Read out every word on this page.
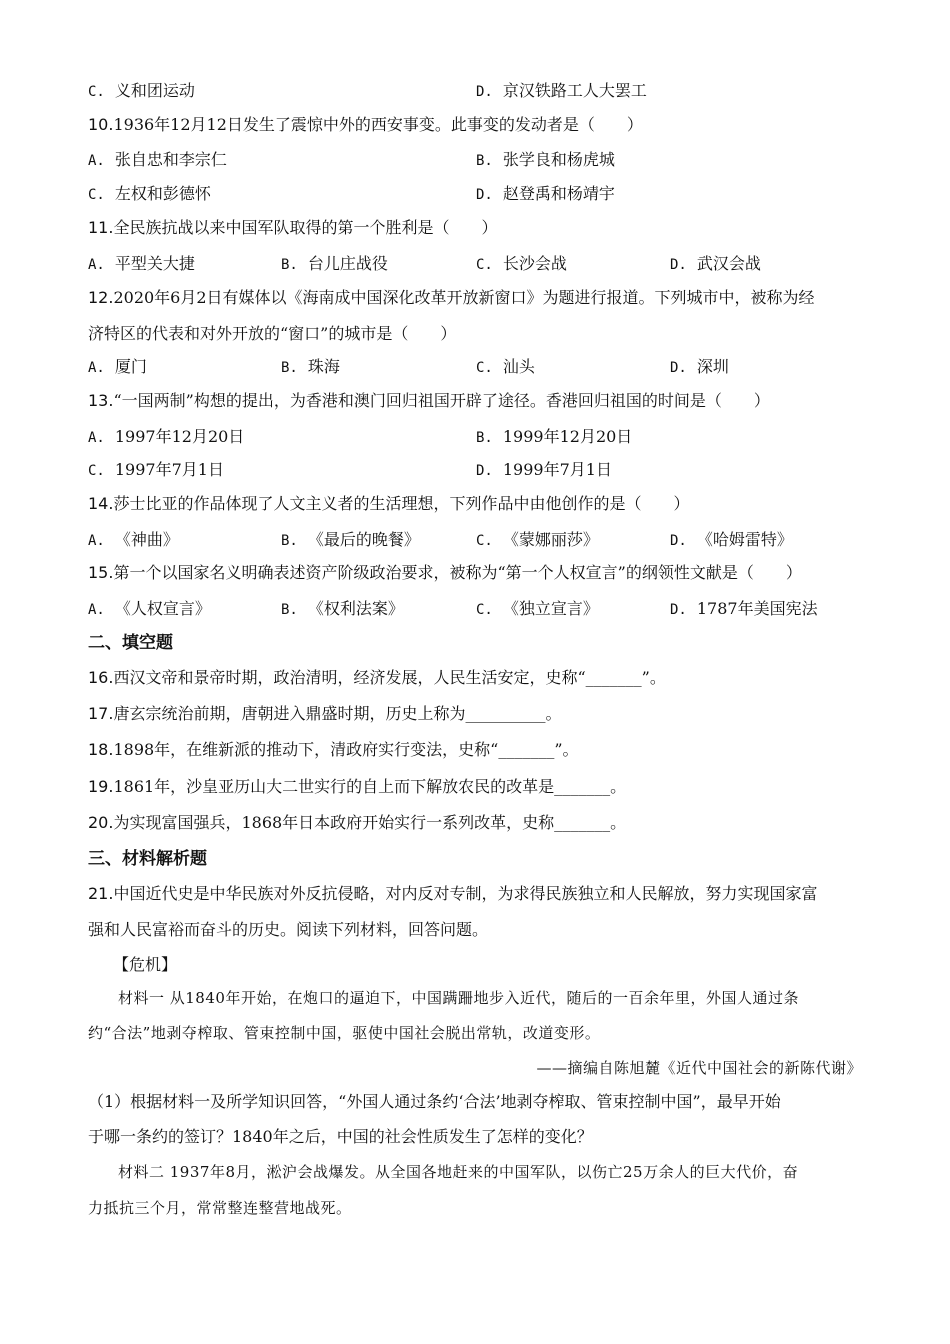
C. 义和团运动	D. 京汉铁路工人大罢工
10.1936年12月12日发生了震惊中外的西安事变。此事变的发动者是（　　）
A. 张自忠和李宗仁	B. 张学良和杨虎城
C. 左权和彭德怀	D. 赵登禹和杨靖宇
11.全民族抗战以来中国军队取得的第一个胜利是（　　）
A. 平型关大捷	B. 台儿庄战役	C. 长沙会战	D. 武汉会战
12.2020年6月2日有媒体以《海南成中国深化改革开放新窗口》为题进行报道。下列城市中，被称为经
济特区的代表和对外开放的“窗口”的城市是（　　）
A. 厦门	B. 珠海	C. 汕头	D. 深圳
13.“一国两制”构想的提出，为香港和澳门回归祖国开辟了途径。香港回归祖国的时间是（　　）
A. 1997年12月20日	B. 1999年12月20日
C. 1997年7月1日	D. 1999年7月1日
14.莎士比亚的作品体现了人文主义者的生活理想，下列作品中由他创作的是（　　）
A. 《神曲》	B. 《最后的晚餐》	C. 《蒙娜丽莎》	D. 《哈姆雷特》
15.第一个以国家名义明确表述资产阶级政治要求，被称为“第一个人权宣言”的纲领性文献是（　　）
A. 《人权宣言》	B. 《权利法案》	C. 《独立宣言》	D. 1787年美国宪法
二、填空题
16.西汉文帝和景帝时期，政治清明，经济发展，人民生活安定，史称“_______”。
17.唐玄宗统治前期，唐朝进入鼎盛时期，历史上称为__________。
18.1898年，在维新派的推动下，清政府实行变法，史称“_______”。
19.1861年，沙皇亚历山大二世实行的自上而下解放农民的改革是_______。
20.为实现富国强兵，1868年日本政府开始实行一系列改革，史称_______。
三、材料解析题
21.中国近代史是中华民族对外反抗侵略，对内反对专制，为求得民族独立和人民解放，努力实现国家富
强和人民富裕而奋斗的历史。阅读下列材料，回答问题。
【危机】
材料一 从1840年开始，在炮口的逼迫下，中国蹒跚地步入近代，随后的一百余年里，外国人通过条
约“合法”地剥夺榨取、管束控制中国，驱使中国社会脱出常轨，改道变形。
——摘编自陈旭麓《近代中国社会的新陈代谢》
（1）根据材料一及所学知识回答，“外国人通过条约‘合法’地剥夺榨取、管束控制中国”，最早开始
于哪一条约的签订？1840年之后，中国的社会性质发生了怎样的变化？
材料二 1937年8月，淞沪会战爆发。从全国各地赶来的中国军队，以伤亡25万余人的巨大代价，奋
力抵抗三个月，常常整连整营地战死。
